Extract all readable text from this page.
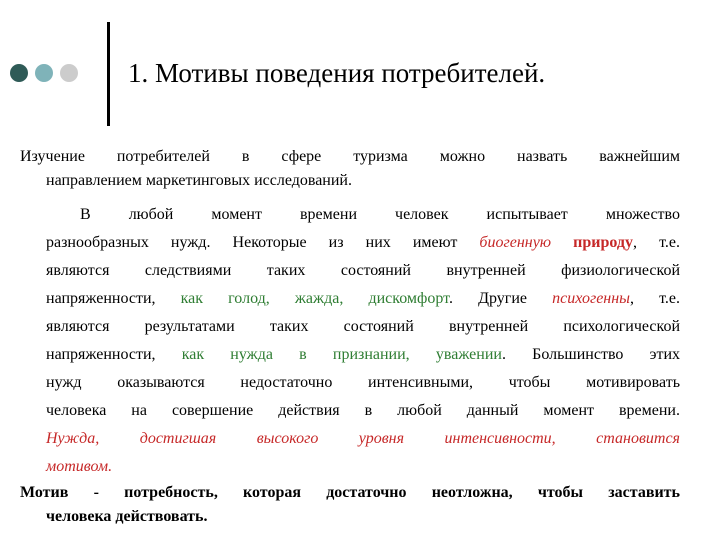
1. Мотивы поведения потребителей.
Изучение потребителей в сфере туризма можно назвать важнейшим
направлением маркетинговых исследований.
В любой момент времени человек испытывает множество
разнообразных нужд. Некоторые из них имеют биогенную природу, т.е.
являются следствиями таких состояний внутренней физиологической
напряженности, как голод, жажда, дискомфорт. Другие психогенны, т.е.
являются результатами таких состояний внутренней психологической
напряженности, как нужда в признании, уважении. Большинство этих
нужд оказываются недостаточно интенсивными, чтобы мотивировать
человека на совершение действия в любой данный момент времени.
Нужда, достигшая высокого уровня интенсивности, становится
мотивом.
Мотив - потребность, которая достаточно неотложна, чтобы заставить
человека действовать.
